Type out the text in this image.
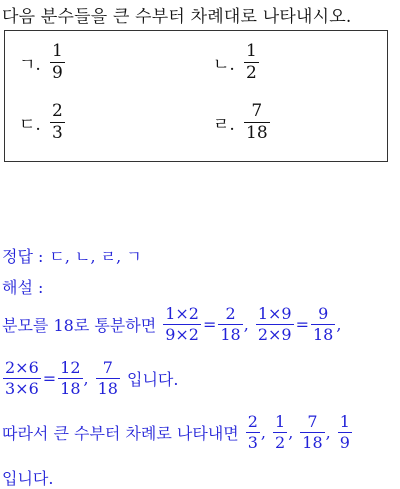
다음 분수들을 큰 수부터 차례대로 나타내시오.
ㄱ. $\frac{1}{9}$	ㄴ. $\frac{1}{2}$
ㄷ. $\frac{2}{3}$	ㄹ. $\frac{7}{18}$
정답 : ㄷ, ㄴ, ㄹ, ㄱ
해설 :
분모를 18로 통분하면 $\frac{1\times 2}{9\times 2} = \frac{2}{18}$ , $\frac{1\times 9}{2\times 9} = \frac{9}{18}$ ,
$\frac{2\times 6}{3\times 6} = \frac{12}{18}$ , $\frac{7}{18}$ 입니다.
따라서 큰 수부터 차례로 나타내면 $\frac{2}{3}$ , $\frac{1}{2}$ , $\frac{7}{18}$ , $\frac{1}{9}$
입니다.
